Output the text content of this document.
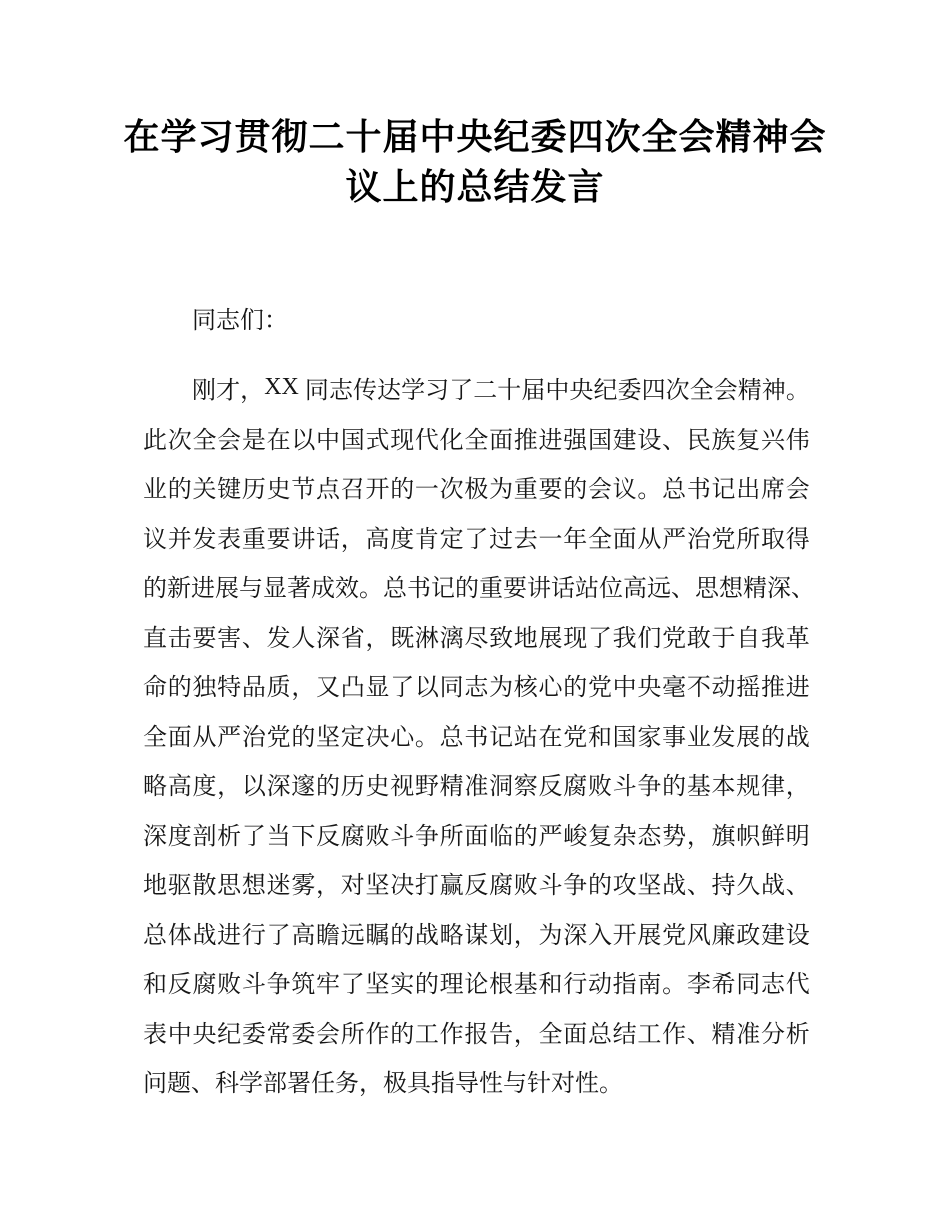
在学习贯彻二十届中央纪委四次全会精神会
议上的总结发言
同志们：
刚 才 ， XX 同 志 传 达 学 习 了 二 十 届 中 央 纪 委 四 次 全 会 精 神 。
此 次 全 会 是 在 以 中 国 式 现 代 化 全 面 推 进 强 国 建 设 、 民 族 复 兴 伟
业 的 关 键 历 史 节 点 召 开 的 一 次 极 为 重 要 的 会 议 。 总 书 记 出 席 会
议 并 发 表 重 要 讲 话 ， 高 度 肯 定 了 过 去 一 年 全 面 从 严 治 党 所 取 得
的 新 进 展 与 显 著 成 效 。 总 书 记 的 重 要 讲 话 站 位 高 远 、 思 想 精 深 、
直 击 要 害 、 发 人 深 省 ， 既 淋 漓 尽 致 地 展 现 了 我 们 党 敢 于 自 我 革
命 的 独 特 品 质 ， 又 凸 显 了 以 同 志 为 核 心 的 党 中 央 毫 不 动 摇 推 进
全 面 从 严 治 党 的 坚 定 决 心 。 总 书 记 站 在 党 和 国 家 事 业 发 展 的 战
略 高 度 ， 以 深 邃 的 历 史 视 野 精 准 洞 察 反 腐 败 斗 争 的 基 本 规 律 ，
深 度 剖 析 了 当 下 反 腐 败 斗 争 所 面 临 的 严 峻 复 杂 态 势 ， 旗 帜 鲜 明
地 驱 散 思 想 迷 雾 ， 对 坚 决 打 赢 反 腐 败 斗 争 的 攻 坚 战 、 持 久 战 、
总 体 战 进 行 了 高 瞻 远 瞩 的 战 略 谋 划 ， 为 深 入 开 展 党 风 廉 政 建 设
和 反 腐 败 斗 争 筑 牢 了 坚 实 的 理 论 根 基 和 行 动 指 南 。 李 希 同 志 代
表 中 央 纪 委 常 委 会 所 作 的 工 作 报 告 ， 全 面 总 结 工 作 、 精 准 分 析
问题、科学部署任务，极具指导性与针对性。
